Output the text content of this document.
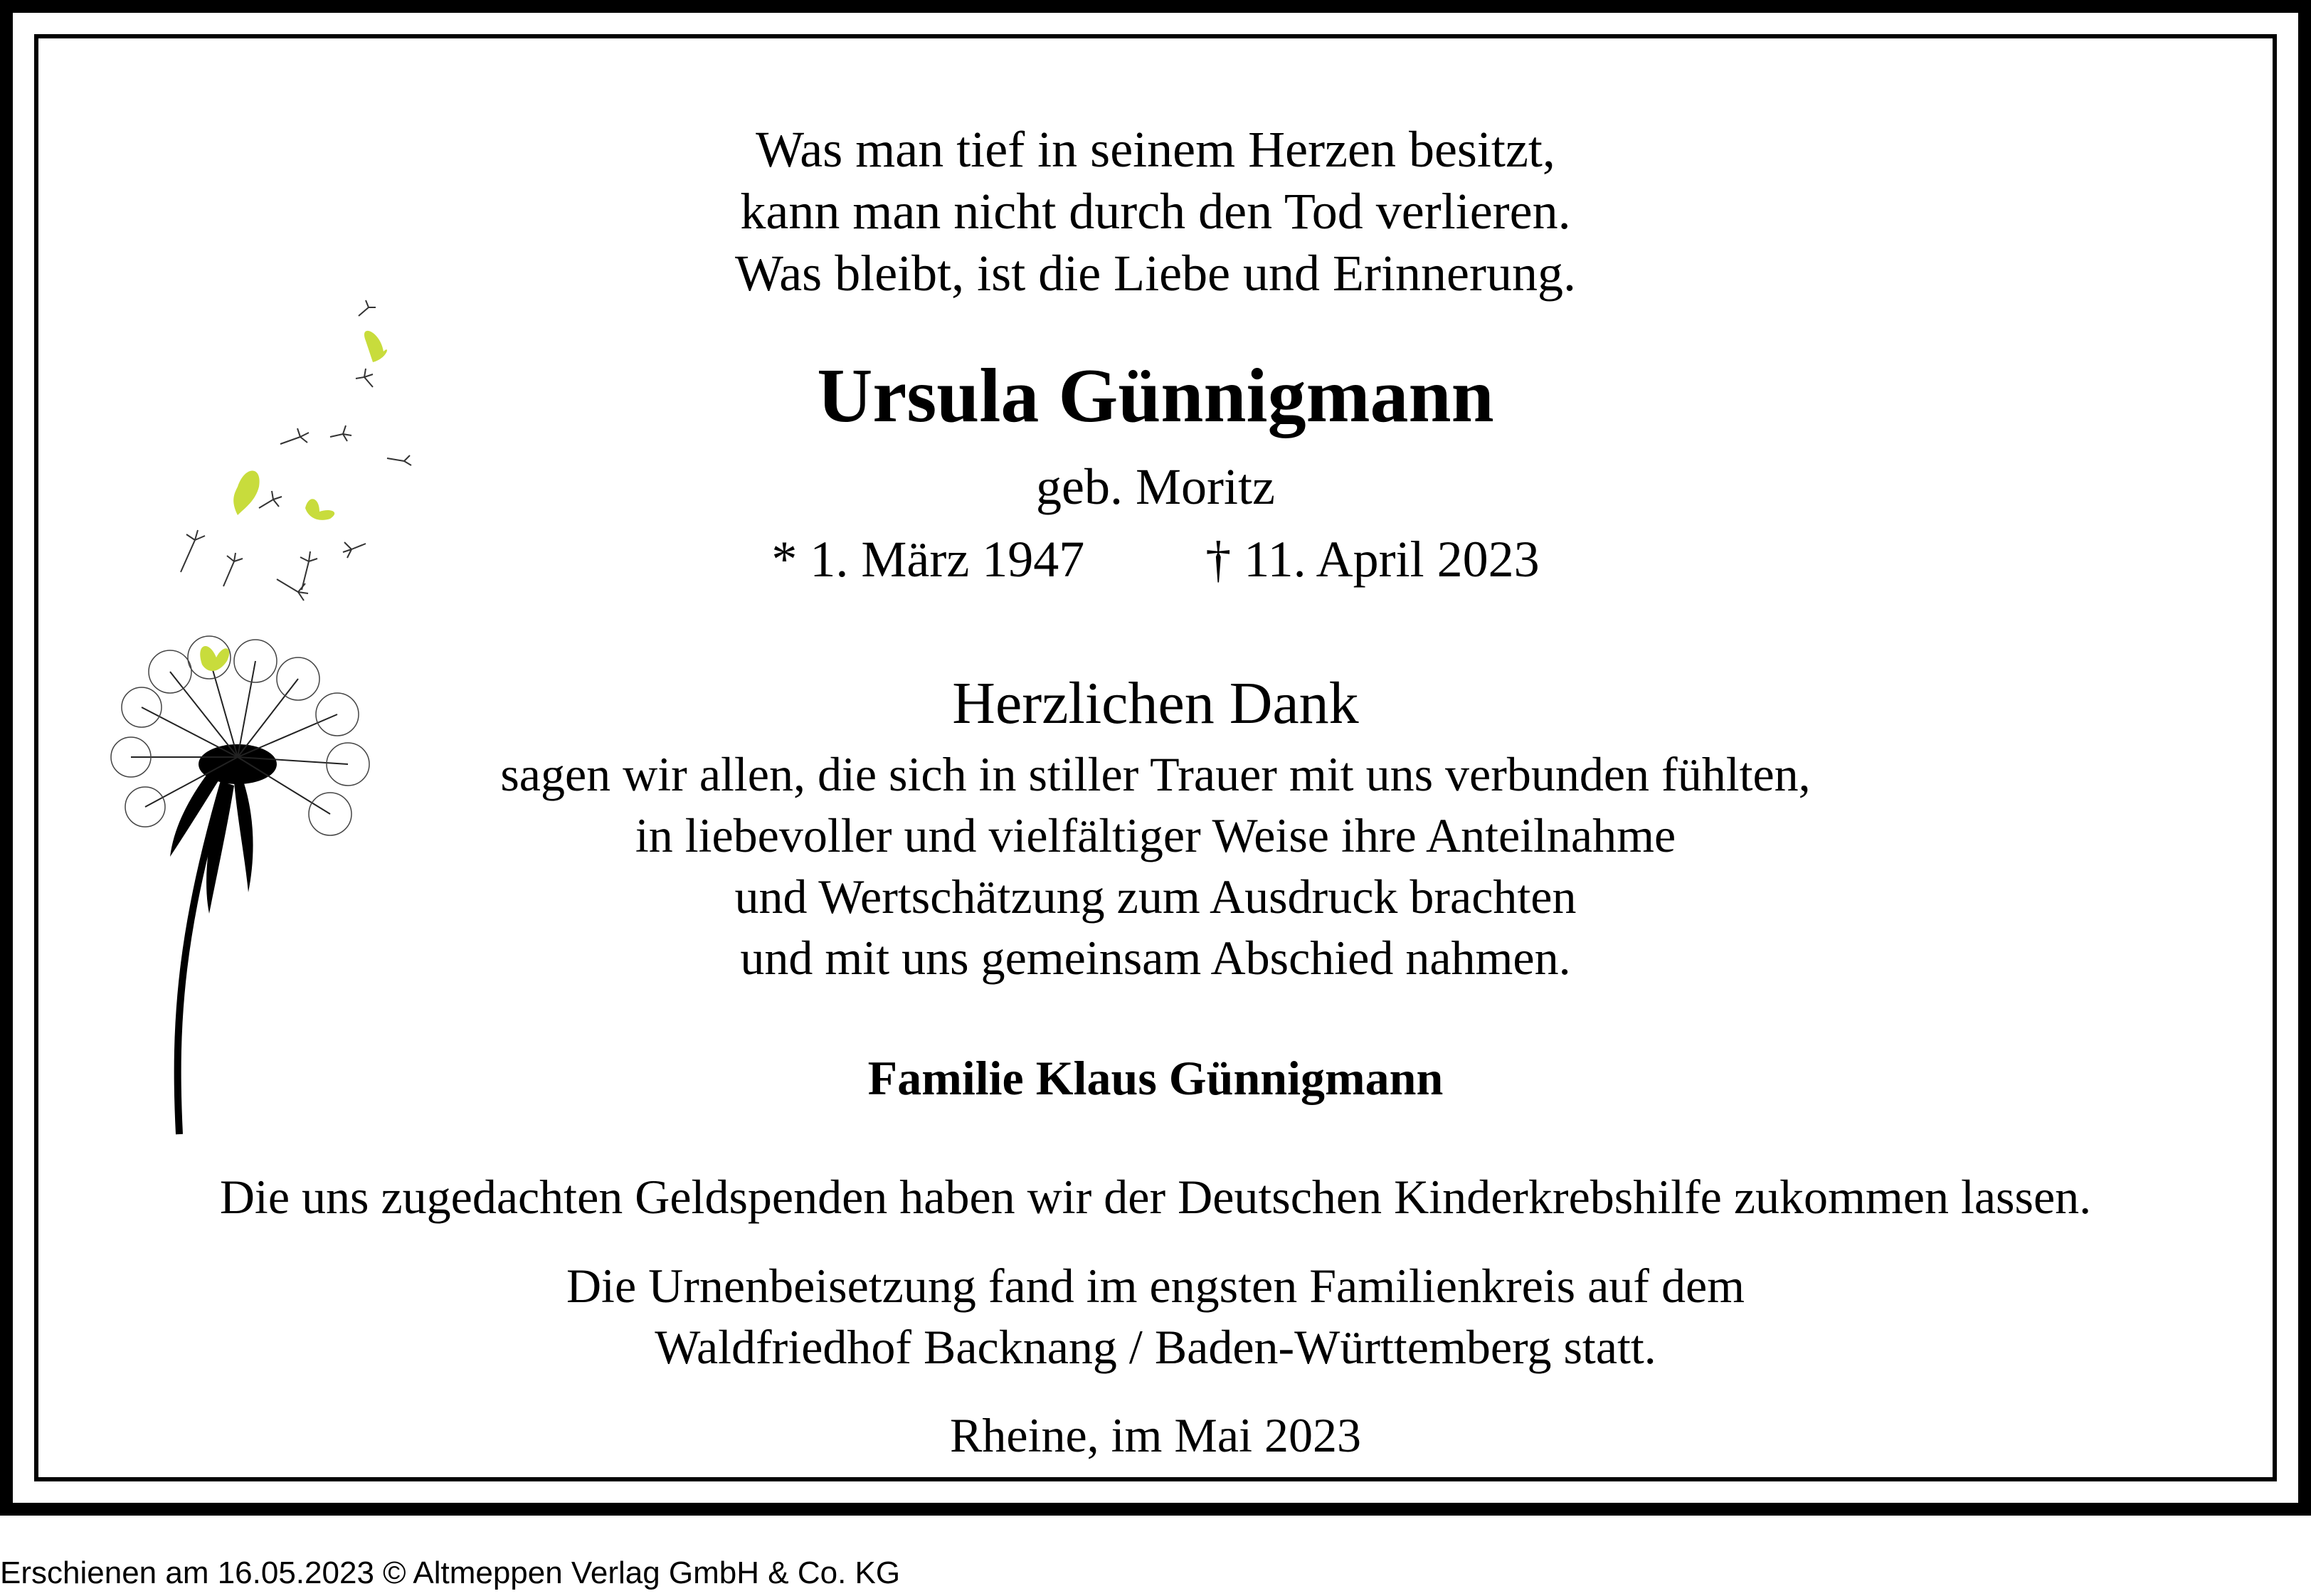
Was man tief in seinem Herzen besitzt,
kann man nicht durch den Tod verlieren.
Was bleibt, ist die Liebe und Erinnerung.
Ursula Günnigmann
geb. Moritz
* 1. März 1947 † 11. April 2023
Herzlichen Dank
sagen wir allen, die sich in stiller Trauer mit uns verbunden fühlten,
in liebevoller und vielfältiger Weise ihre Anteilnahme
und Wertschätzung zum Ausdruck brachten
und mit uns gemeinsam Abschied nahmen.
Familie Klaus Günnigmann
Die uns zugedachten Geldspenden haben wir der Deutschen Kinderkrebshilfe zukommen lassen.
Die Urnenbeisetzung fand im engsten Familienkreis auf dem
Waldfriedhof Backnang / Baden-Württemberg statt.
Rheine, im Mai 2023
Erschienen am 16.05.2023 © Altmeppen Verlag GmbH & Co. KG
